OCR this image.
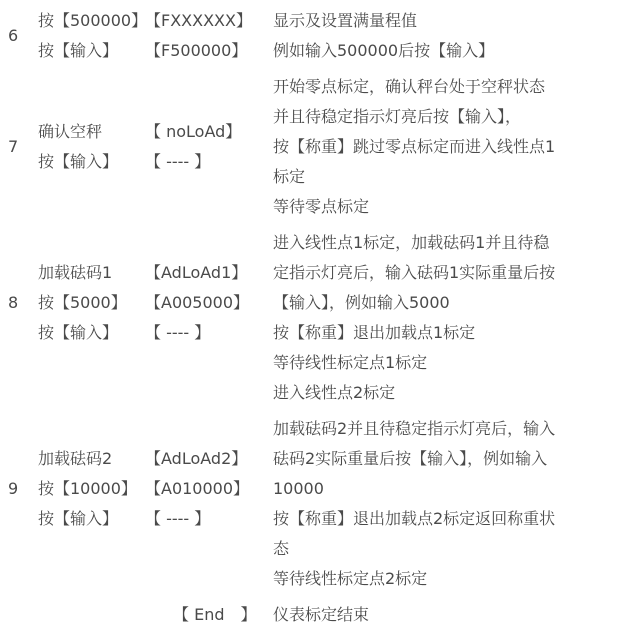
6
按【500000】
按【输入】
【FXXXXXX】
【F500000】
显示及设置满量程值
例如输入500000后按【输入】
7
确认空秤
按【输入】
【 noLoAd】
【 ---- 】
开始零点标定，确认秤台处于空秤状态
并且待稳定指示灯亮后按【输入】，
按【称重】跳过零点标定而进入线性点1
标定
等待零点标定
8
加载砝码1
按【5000】
按【输入】
【AdLoAd1】
【A005000】
【 ---- 】
进入线性点1标定，加载砝码1并且待稳
定指示灯亮后，输入砝码1实际重量后按
【输入】，例如输入5000
按【称重】退出加载点1标定
等待线性标定点1标定
进入线性点2标定
9
加载砝码2
按【10000】
按【输入】
【AdLoAd2】
【A010000】
【 ---- 】
加载砝码2并且待稳定指示灯亮后，输入
砝码2实际重量后按【输入】，例如输入
10000
按【称重】退出加载点2标定返回称重状
态
等待线性标定点2标定
【 End　】	仪表标定结束
